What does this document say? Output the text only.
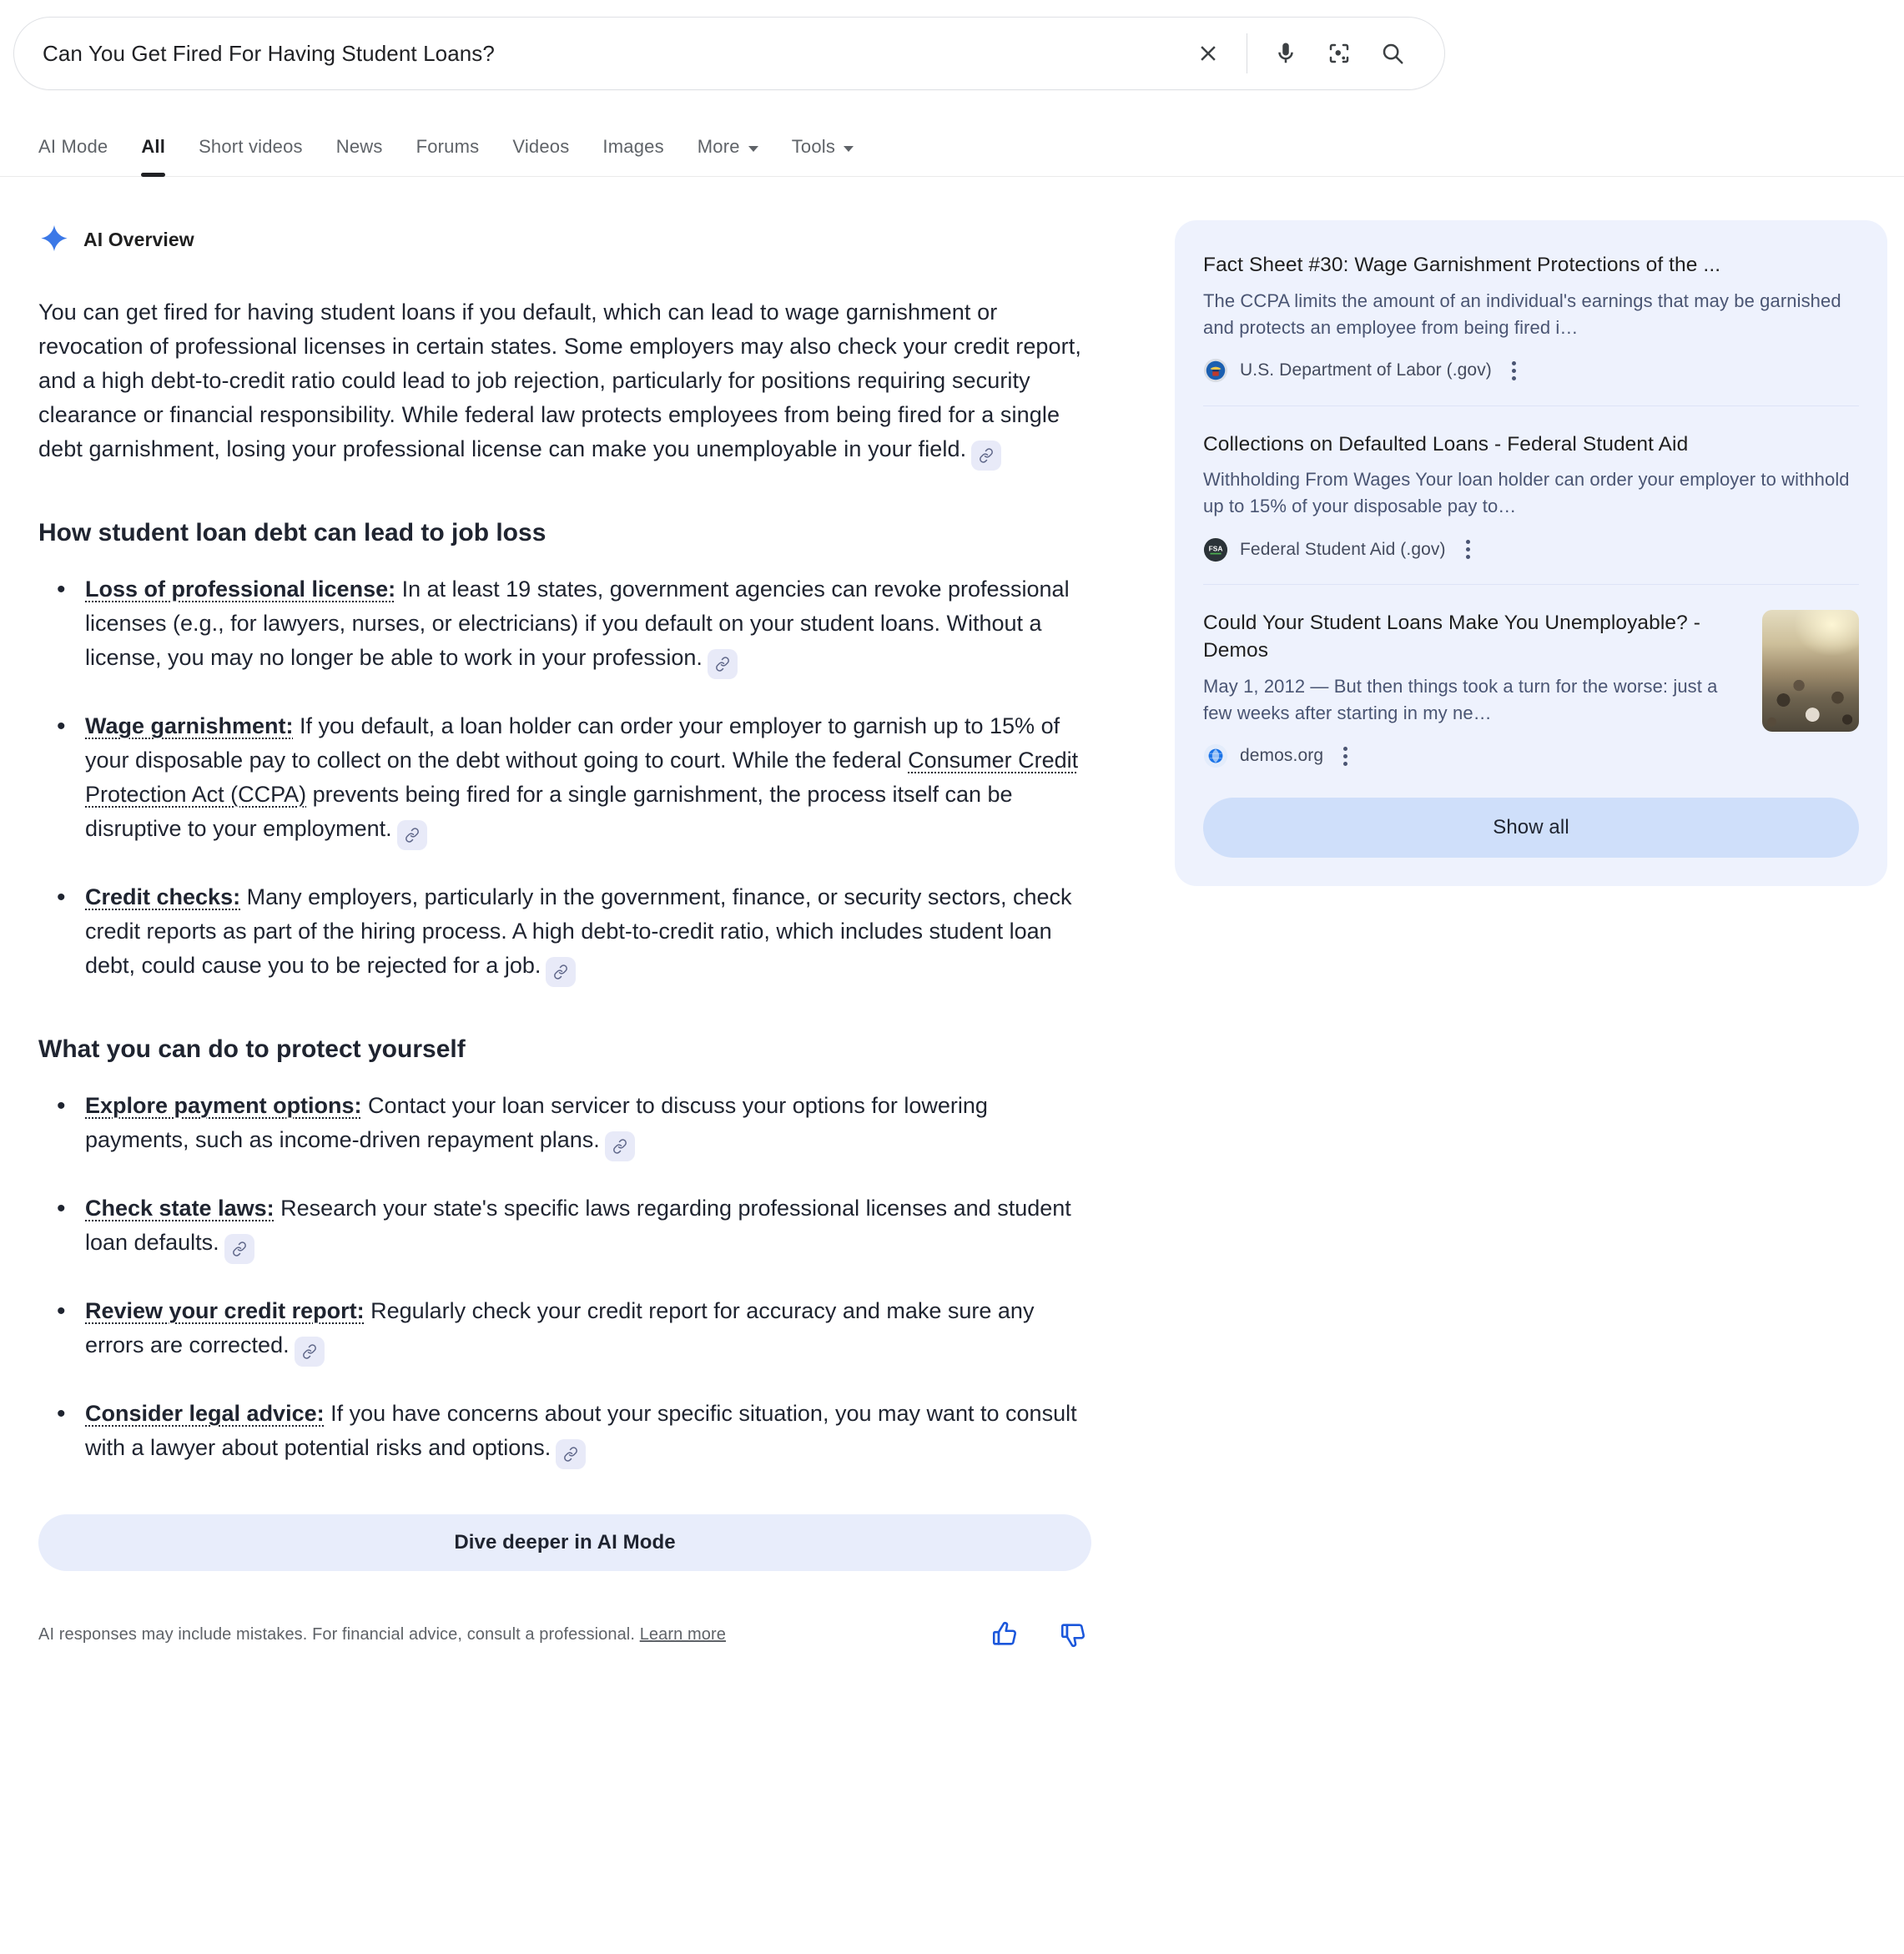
Can You Get Fired For Having Student Loans?
AI Mode All Short videos News Forums Videos Images More	Tools
AI Overview
You can get fired for having student loans if you default, which can lead to wage garnishment or revocation of professional licenses in certain states. Some employers may also check your credit report, and a high debt-to-credit ratio could lead to job rejection, particularly for positions requiring security clearance or financial responsibility. While federal law protects employees from being fired for a single debt garnishment, losing your professional license can make you unemployable in your field.
How student loan debt can lead to job loss
• Loss of professional license: In at least 19 states, government agencies can revoke professional licenses (e.g., for lawyers, nurses, or electricians) if you default on your student loans. Without a license, you may no longer be able to work in your profession.
• Wage garnishment: If you default, a loan holder can order your employer to garnish up to 15% of your disposable pay to collect on the debt without going to court. While the federal Consumer Credit Protection Act (CCPA) prevents being fired for a single garnishment, the process itself can be disruptive to your employment.
• Credit checks: Many employers, particularly in the government, finance, or security sectors, check credit reports as part of the hiring process. A high debt-to-credit ratio, which includes student loan debt, could cause you to be rejected for a job.
What you can do to protect yourself
• Explore payment options: Contact your loan servicer to discuss your options for lowering payments, such as income-driven repayment plans.
• Check state laws: Research your state's specific laws regarding professional licenses and student loan defaults.
• Review your credit report: Regularly check your credit report for accuracy and make sure any errors are corrected.
• Consider legal advice: If you have concerns about your specific situation, you may want to consult with a lawyer about potential risks and options.
Dive deeper in AI Mode
AI responses may include mistakes. For financial advice, consult a professional. Learn more
Fact Sheet #30: Wage Garnishment Protections of the ...
The CCPA limits the amount of an individual's earnings that may be garnished and protects an employee from being fired i…
U.S. Department of Labor (.gov)
Collections on Defaulted Loans - Federal Student Aid
Withholding From Wages Your loan holder can order your employer to withhold up to 15% of your disposable pay to…
FSA Federal Student Aid (.gov)
Could Your Student Loans Make You Unemployable? - Demos
May 1, 2012 — But then things took a turn for the worse: just a few weeks after starting in my ne…
demos.org
Show all
